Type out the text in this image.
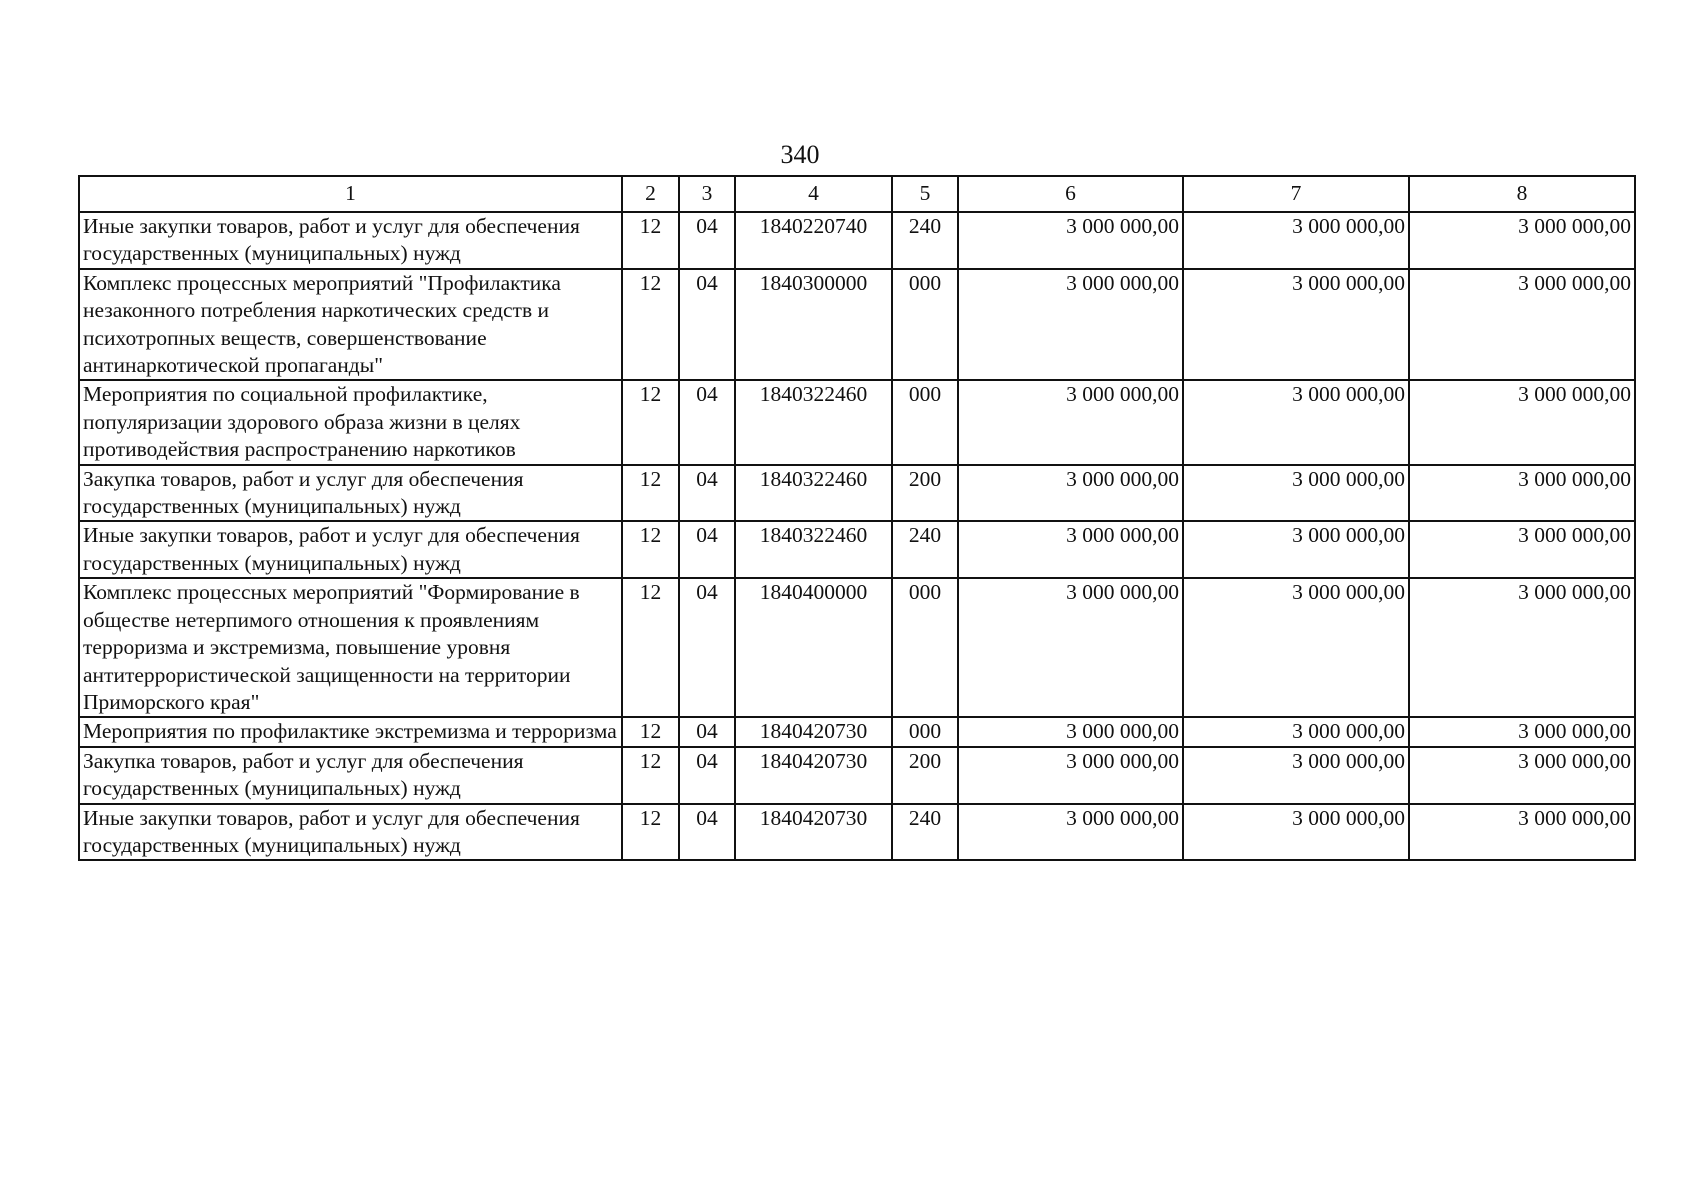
340
1	2	3	4	5	6	7	8
Иные закупки товаров, работ и услуг для обеспечения государственных (муниципальных) нужд	12	04	1840220740	240	3 000 000,00	3 000 000,00	3 000 000,00
Комплекс процессных мероприятий "Профилактика незаконного потребления наркотических средств и психотропных веществ, совершенствование антинаркотической пропаганды"	12	04	1840300000	000	3 000 000,00	3 000 000,00	3 000 000,00
Мероприятия по социальной профилактике, популяризации здорового образа жизни в целях противодействия распространению наркотиков	12	04	1840322460	000	3 000 000,00	3 000 000,00	3 000 000,00
Закупка товаров, работ и услуг для обеспечения государственных (муниципальных) нужд	12	04	1840322460	200	3 000 000,00	3 000 000,00	3 000 000,00
Иные закупки товаров, работ и услуг для обеспечения государственных (муниципальных) нужд	12	04	1840322460	240	3 000 000,00	3 000 000,00	3 000 000,00
Комплекс процессных мероприятий "Формирование в обществе нетерпимого отношения к проявлениям терроризма и экстремизма, повышение уровня антитеррористической защищенности на территории Приморского края"	12	04	1840400000	000	3 000 000,00	3 000 000,00	3 000 000,00
Мероприятия по профилактике экстремизма и терроризма	12	04	1840420730	000	3 000 000,00	3 000 000,00	3 000 000,00
Закупка товаров, работ и услуг для обеспечения государственных (муниципальных) нужд	12	04	1840420730	200	3 000 000,00	3 000 000,00	3 000 000,00
Иные закупки товаров, работ и услуг для обеспечения государственных (муниципальных) нужд	12	04	1840420730	240	3 000 000,00	3 000 000,00	3 000 000,00
